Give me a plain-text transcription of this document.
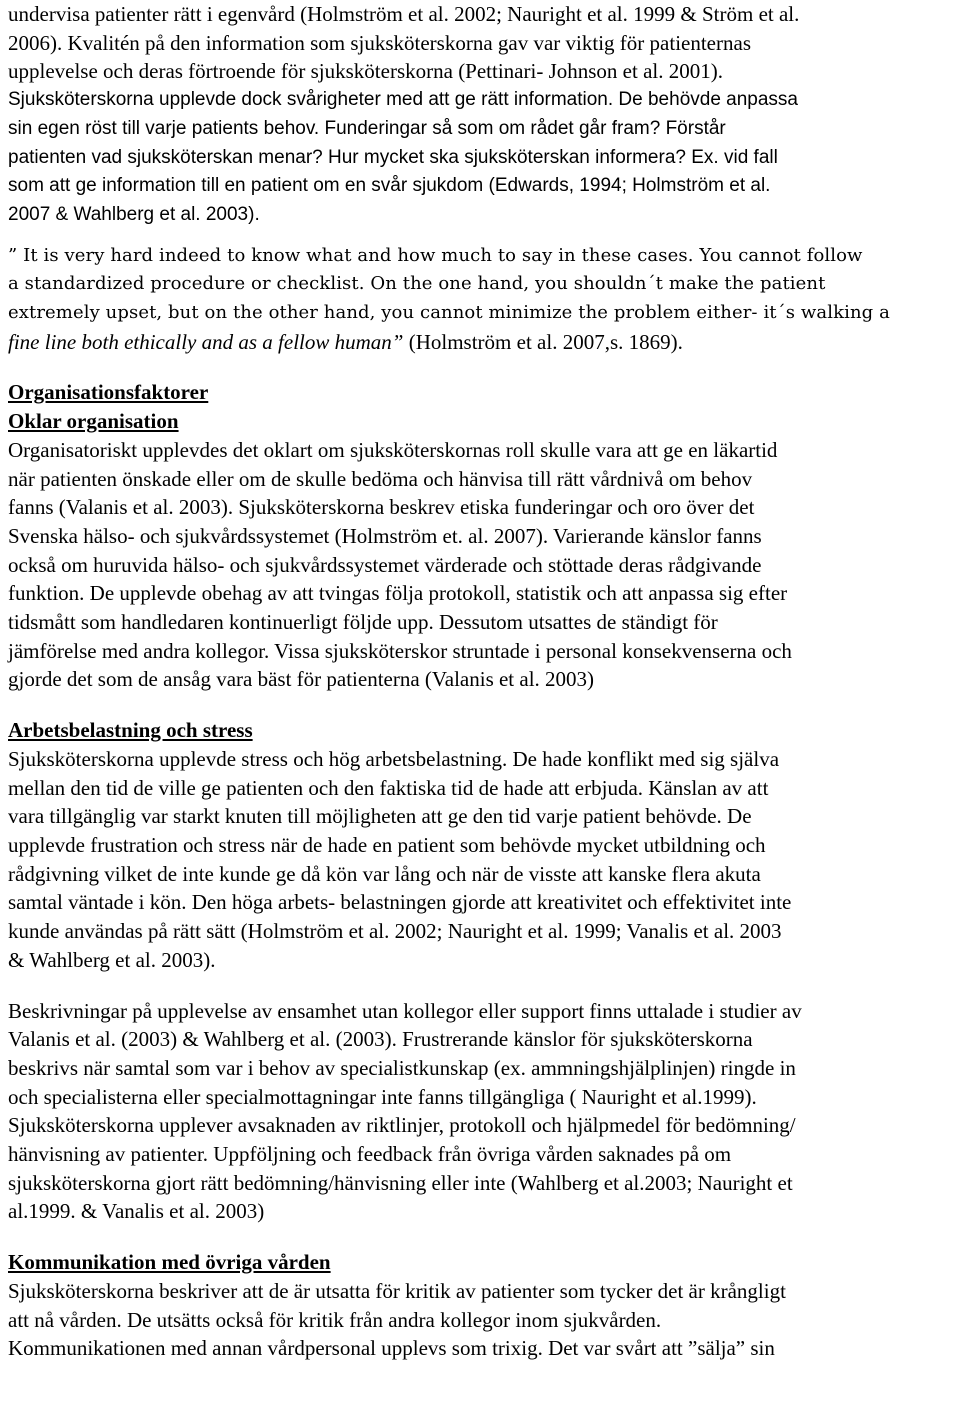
undervisa patienter rätt i egenvård (Holmström et al. 2002; Nauright et al. 1999 & Ström et al.
2006). Kvalitén på den information som sjuksköterskorna gav var viktig för patienternas
upplevelse och deras förtroende för sjuksköterskorna (Pettinari- Johnson et al. 2001).
Sjuksköterskorna upplevde dock svårigheter med att ge rätt information. De behövde anpassa
sin egen röst till varje patients behov. Funderingar så som om rådet går fram? Förstår
patienten vad sjuksköterskan menar? Hur mycket ska sjuksköterskan informera? Ex. vid fall
som att ge information till en patient om en svår sjukdom (Edwards, 1994; Holmström et al.
2007 & Wahlberg et al. 2003).
” It is very hard indeed to know what and how much to say in these cases. You cannot follow
a standardized procedure or checklist. On the one hand, you shouldn´t make the patient
extremely upset, but on the other hand, you cannot minimize the problem either- it´s walking a
fine line both ethically and as a fellow human” (Holmström et al. 2007,s. 1869).
Organisationsfaktorer
Oklar organisation
Organisatoriskt upplevdes det oklart om sjuksköterskornas roll skulle vara att ge en läkartid
när patienten önskade eller om de skulle bedöma och hänvisa till rätt vårdnivå om behov
fanns (Valanis et al. 2003). Sjuksköterskorna beskrev etiska funderingar och oro över det
Svenska hälso- och sjukvårdssystemet (Holmström et. al. 2007). Varierande känslor fanns
också om huruvida hälso- och sjukvårdssystemet värderade och stöttade deras rådgivande
funktion. De upplevde obehag av att tvingas följa protokoll, statistik och att anpassa sig efter
tidsmått som handledaren kontinuerligt följde upp. Dessutom utsattes de ständigt för
jämförelse med andra kollegor. Vissa sjuksköterskor struntade i personal konsekvenserna och
gjorde det som de ansåg vara bäst för patienterna (Valanis et al. 2003)
Arbetsbelastning och stress
Sjuksköterskorna upplevde stress och hög arbetsbelastning. De hade konflikt med sig själva
mellan den tid de ville ge patienten och den faktiska tid de hade att erbjuda. Känslan av att
vara tillgänglig var starkt knuten till möjligheten att ge den tid varje patient behövde. De
upplevde frustration och stress när de hade en patient som behövde mycket utbildning och
rådgivning vilket de inte kunde ge då kön var lång och när de visste att kanske flera akuta
samtal väntade i kön. Den höga arbets- belastningen gjorde att kreativitet och effektivitet inte
kunde användas på rätt sätt (Holmström et al. 2002; Nauright et al. 1999; Vanalis et al. 2003
& Wahlberg et al. 2003).
Beskrivningar på upplevelse av ensamhet utan kollegor eller support finns uttalade i studier av
Valanis et al. (2003) & Wahlberg et al. (2003). Frustrerande känslor för sjuksköterskorna
beskrivs när samtal som var i behov av specialistkunskap (ex. ammningshjälplinjen) ringde in
och specialisterna eller specialmottagningar inte fanns tillgängliga ( Nauright et al.1999).
Sjuksköterskorna upplever avsaknaden av riktlinjer, protokoll och hjälpmedel för bedömning/
hänvisning av patienter. Uppföljning och feedback från övriga vården saknades på om
sjuksköterskorna gjort rätt bedömning/hänvisning eller inte (Wahlberg et al.2003; Nauright et
al.1999. & Vanalis et al. 2003)
Kommunikation med övriga vården
Sjuksköterskorna beskriver att de är utsatta för kritik av patienter som tycker det är krångligt
att nå vården. De utsätts också för kritik från andra kollegor inom sjukvården.
Kommunikationen med annan vårdpersonal upplevs som trixig. Det var svårt att ”sälja” sin
